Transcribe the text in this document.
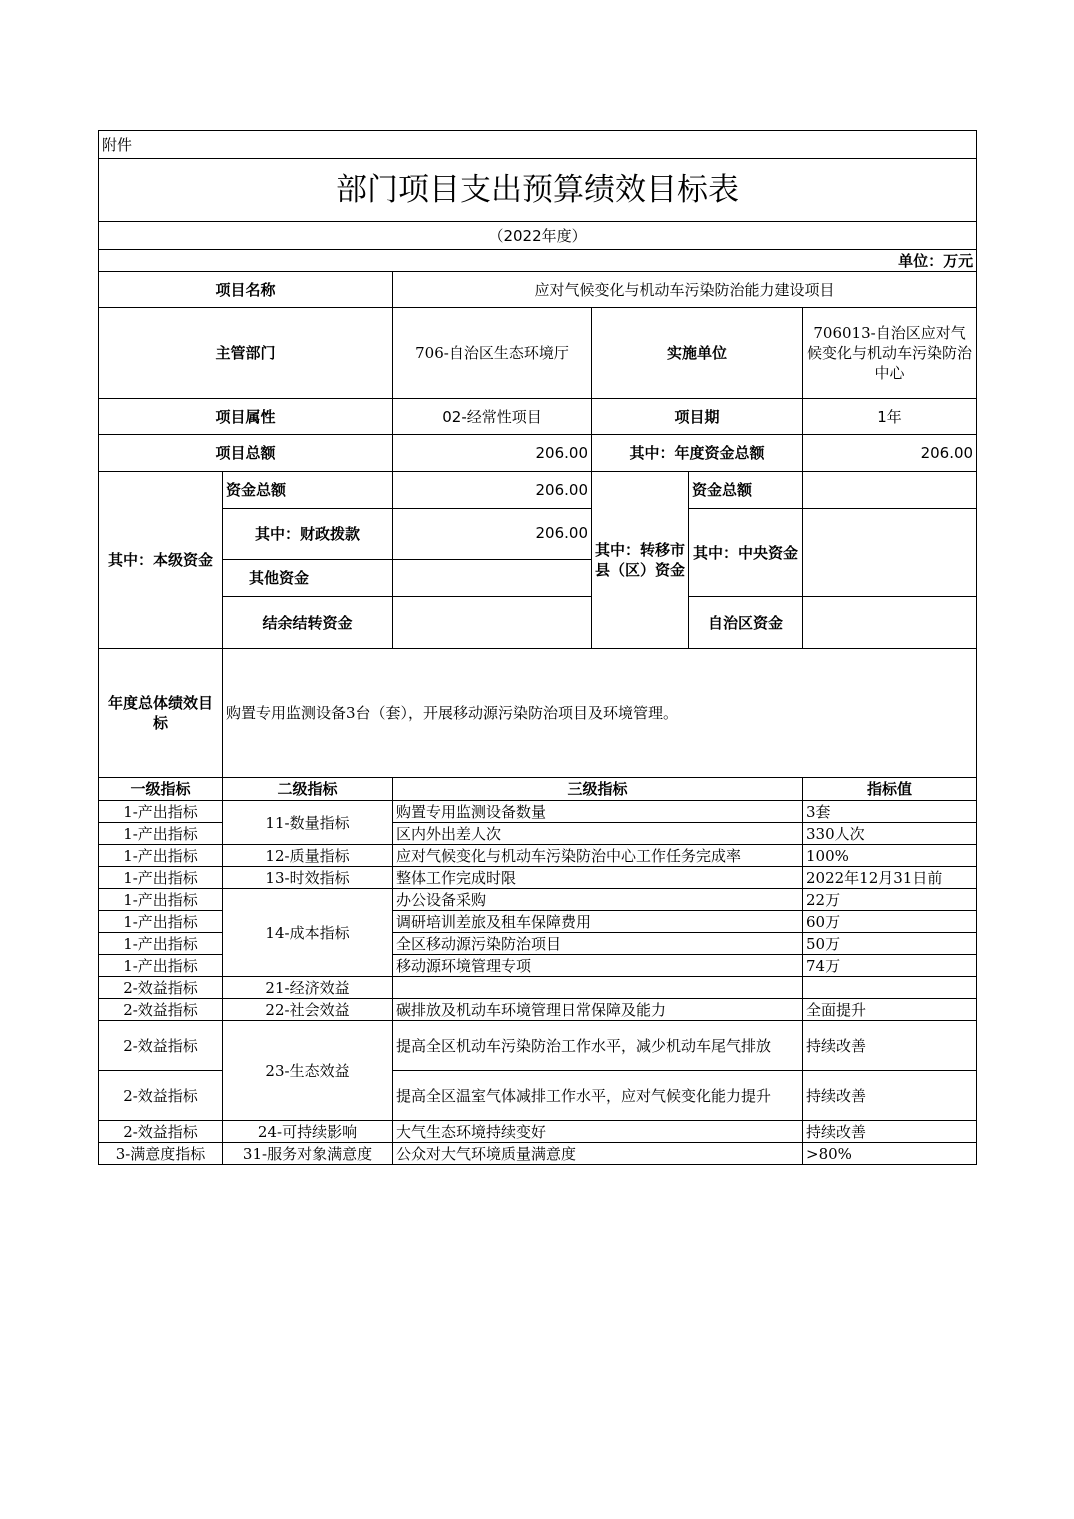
附件					
部门项目支出预算绩效目标表					
（2022年度）					
单位：万元					
项目名称		应对气候变化与机动车污染防治能力建设项目			
主管部门		706-自治区生态环境厅	实施单位		706013-自治区应对气候变化与机动车污染防治中心
项目属性		02-经常性项目	项目期		1年
项目总额		206.00	其中：年度资金总额		206.00
其中：本级资金	资金总额	206.00	其中：转移市县（区）资金	资金总额	
	其中：财政拨款	206.00		其中：中央资金	
	其他资金				
	结余结转资金			自治区资金	
年度总体绩效目标	购置专用监测设备3台（套），开展移动源污染防治项目及环境管理。				
一级指标	二级指标	三级指标			指标值
1-产出指标	11-数量指标	购置专用监测设备数量			3套
1-产出指标		区内外出差人次			330人次
1-产出指标	12-质量指标	应对气候变化与机动车污染防治中心工作任务完成率			100%
1-产出指标	13-时效指标	整体工作完成时限			2022年12月31日前
1-产出指标	14-成本指标	办公设备采购			22万
1-产出指标		调研培训差旅及租车保障费用			60万
1-产出指标		全区移动源污染防治项目			50万
1-产出指标		移动源环境管理专项			74万
2-效益指标	21-经济效益				
2-效益指标	22-社会效益	碳排放及机动车环境管理日常保障及能力			全面提升
2-效益指标	23-生态效益	提高全区机动车污染防治工作水平，减少机动车尾气排放			持续改善
2-效益指标		提高全区温室气体减排工作水平，应对气候变化能力提升			持续改善
2-效益指标	24-可持续影响	大气生态环境持续变好			持续改善
3-满意度指标	31-服务对象满意度	公众对大气环境质量满意度			>80%
